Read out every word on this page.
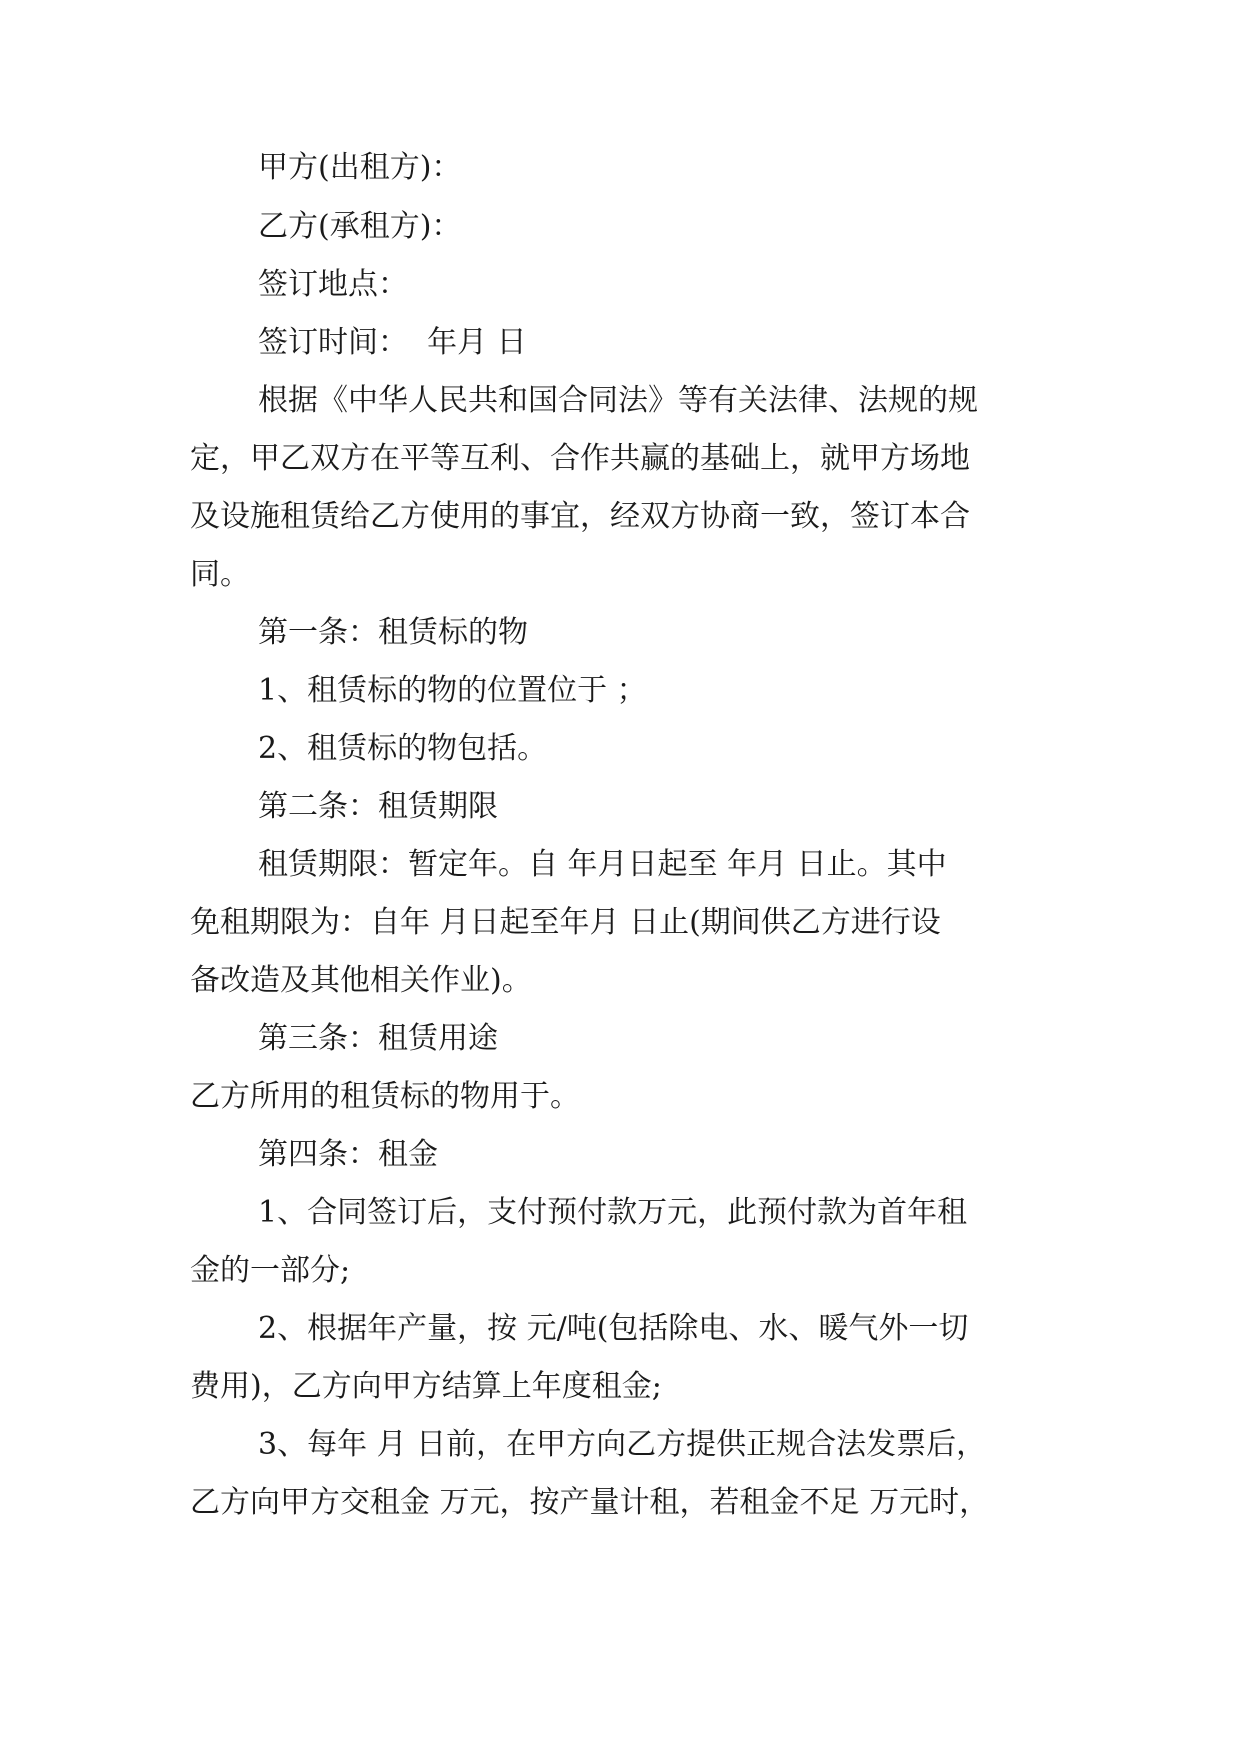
甲方(出租方)：

乙方(承租方)：

签订地点：

签订时间：  年月 日

根据《中华人民共和国合同法》等有关法律、法规的规

定，甲乙双方在平等互利、合作共赢的基础上，就甲方场地

及设施租赁给乙方使用的事宜，经双方协商一致，签订本合

同。

第一条：租赁标的物

1、租赁标的物的位置位于 ；

2、租赁标的物包括。

第二条：租赁期限

租赁期限：暂定年。自 年月日起至 年月 日止。其中

免租期限为：自年 月日起至年月 日止(期间供乙方进行设

备改造及其他相关作业)。

第三条：租赁用途

乙方所用的租赁标的物用于。

第四条：租金

1、合同签订后，支付预付款万元，此预付款为首年租

金的一部分;

2、根据年产量，按 元/吨(包括除电、水、暖气外一切

费用)，乙方向甲方结算上年度租金;

3、每年 月 日前，在甲方向乙方提供正规合法发票后，

乙方向甲方交租金 万元，按产量计租，若租金不足 万元时，
